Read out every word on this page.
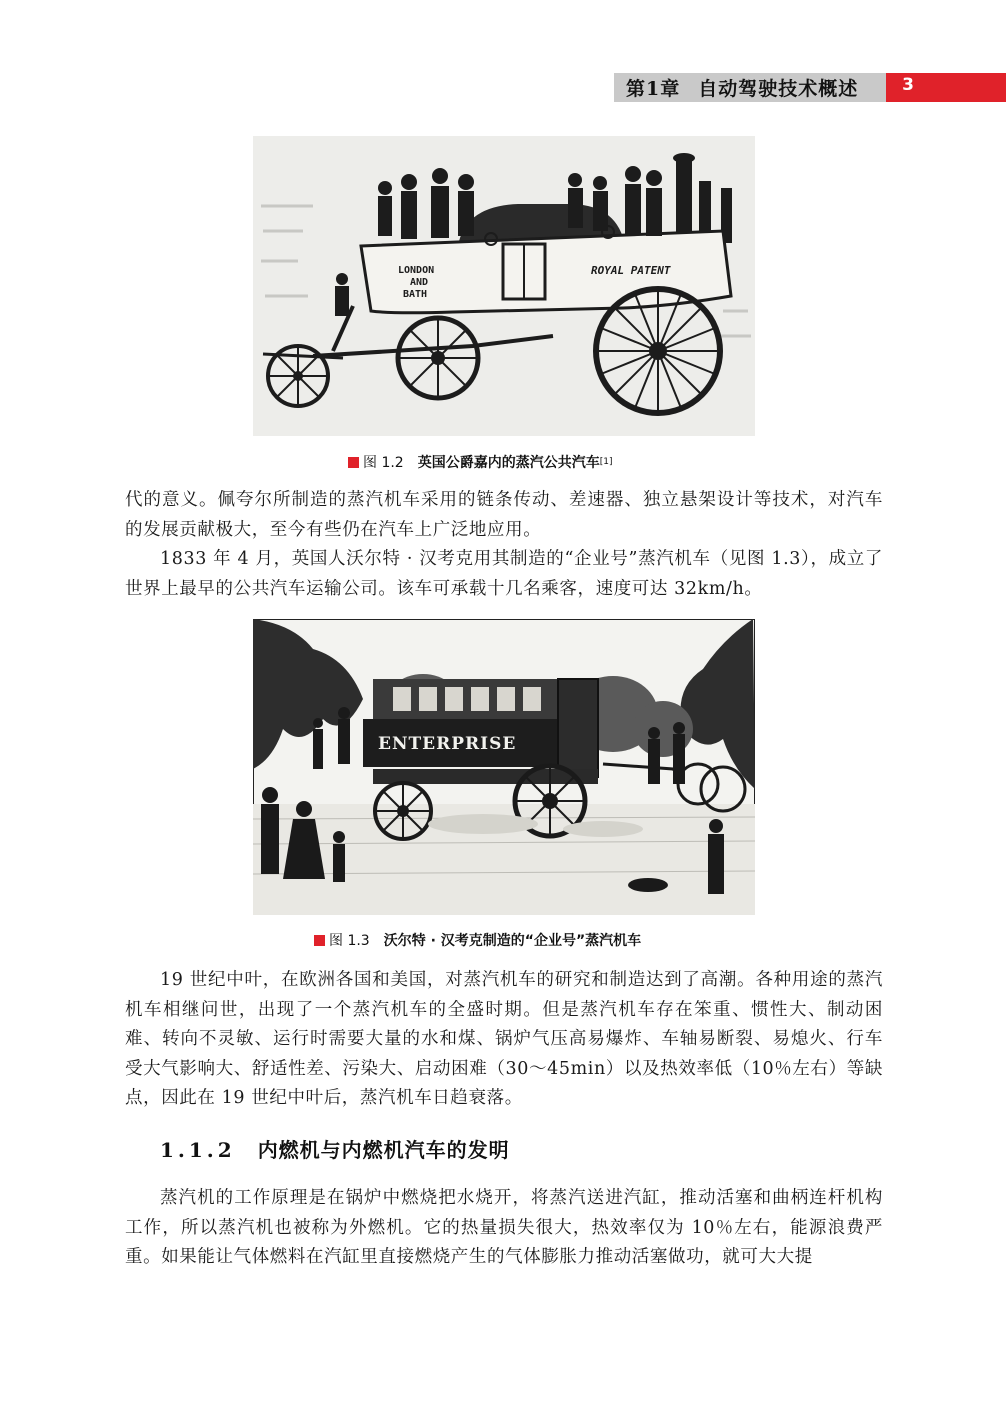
第1章 自动驾驶技术概述	3
LONDON
AND
BATH
ROYAL PATENT
图 1.2 英国公爵嘉内的蒸汽公共汽车 [1]

代的意义。佩夸尔所制造的蒸汽机车采用的链条传动、差速器、独立悬架设计等技术，对汽车的发展贡献极大，至今有些仍在汽车上广泛地应用。

1833 年 4 月，英国人沃尔特 · 汉考克用其制造的“企业号”蒸汽机车（见图 1.3），成立了世界上最早的公共汽车运输公司。该车可承载十几名乘客，速度可达 32km/h。

ENTERPRISE
图 1.3 沃尔特 · 汉考克制造的“企业号”蒸汽机车

19 世纪中叶，在欧洲各国和美国，对蒸汽机车的研究和制造达到了高潮。各种用途的蒸汽机车相继问世，出现了一个蒸汽机车的全盛时期。但是蒸汽机车存在笨重、惯性大、制动困难、转向不灵敏、运行时需要大量的水和煤、锅炉气压高易爆炸、车轴易断裂、易熄火、行车受大气影响大、舒适性差、污染大、启动困难（30～45min）以及热效率低（10％左右）等缺点，因此在 19 世纪中叶后，蒸汽机车日趋衰落。

1.1.2 内燃机与内燃机汽车的发明

蒸汽机的工作原理是在锅炉中燃烧把水烧开，将蒸汽送进汽缸，推动活塞和曲柄连杆机构工作，所以蒸汽机也被称为外燃机。它的热量损失很大，热效率仅为 10％左右，能源浪费严重。如果能让气体燃料在汽缸里直接燃烧产生的气体膨胀力推动活塞做功，就可大大提
